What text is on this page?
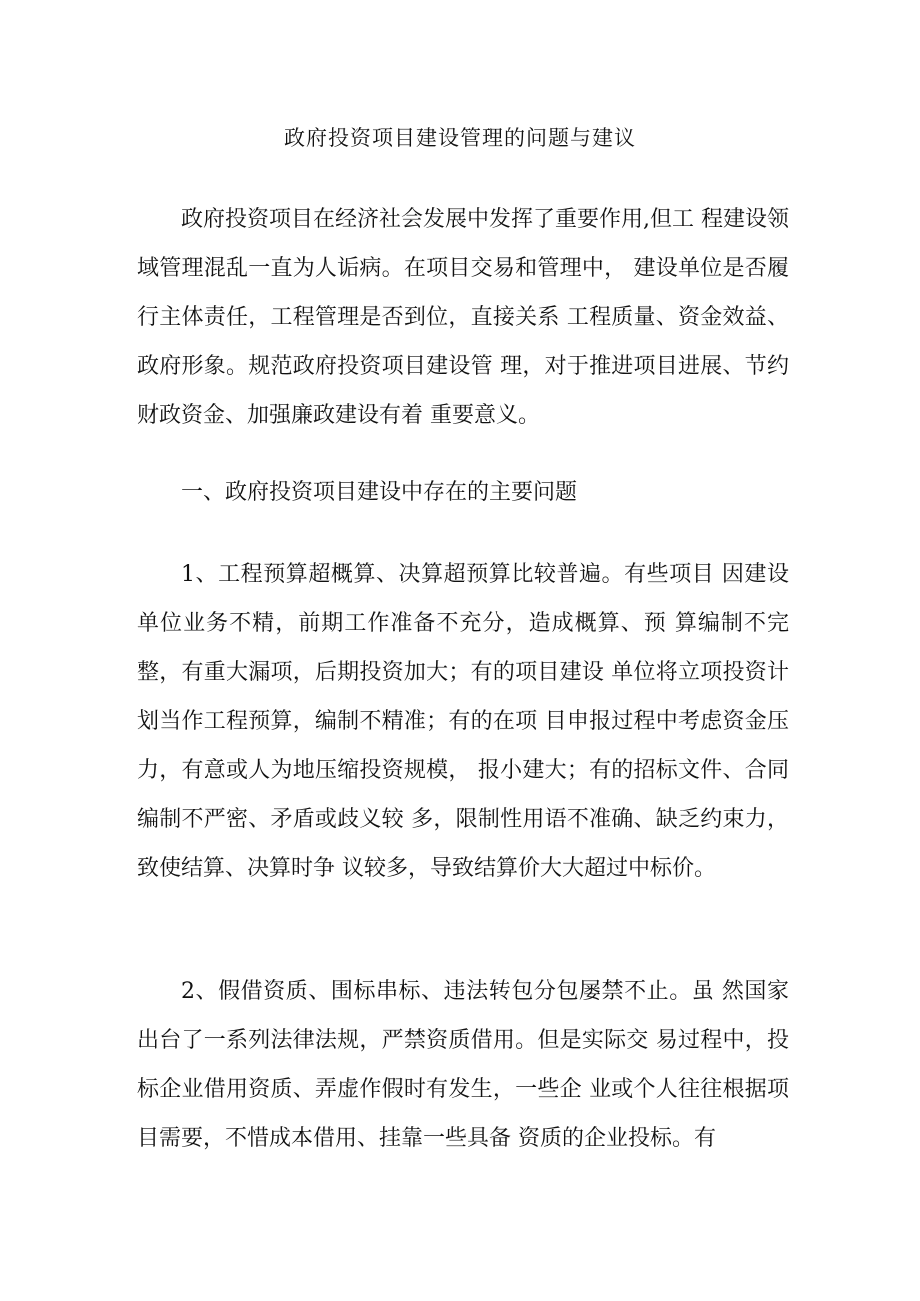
政府投资项目建设管理的问题与建议

政府投资项目在经济社会发展中发挥了重要作用,但工 程建设领域管理混乱一直为人诟病。在项目交易和管理中， 建设单位是否履行主体责任，工程管理是否到位，直接关系 工程质量、资金效益、政府形象。规范政府投资项目建设管 理，对于推进项目进展、节约财政资金、加强廉政建设有着 重要意义。

一、政府投资项目建设中存在的主要问题

1、工程预算超概算、决算超预算比较普遍。有些项目 因建设单位业务不精，前期工作准备不充分，造成概算、预 算编制不完整，有重大漏项，后期投资加大；有的项目建设 单位将立项投资计划当作工程预算，编制不精准；有的在项 目申报过程中考虑资金压力，有意或人为地压缩投资规模， 报小建大；有的招标文件、合同编制不严密、矛盾或歧义较 多，限制性用语不准确、缺乏约束力，致使结算、决算时争 议较多，导致结算价大大超过中标价。

2、假借资质、围标串标、违法转包分包屡禁不止。虽 然国家出台了一系列法律法规，严禁资质借用。但是实际交 易过程中，投标企业借用资质、弄虚作假时有发生，一些企 业或个人往往根据项目需要，不惜成本借用、挂靠一些具备 资质的企业投标。有
